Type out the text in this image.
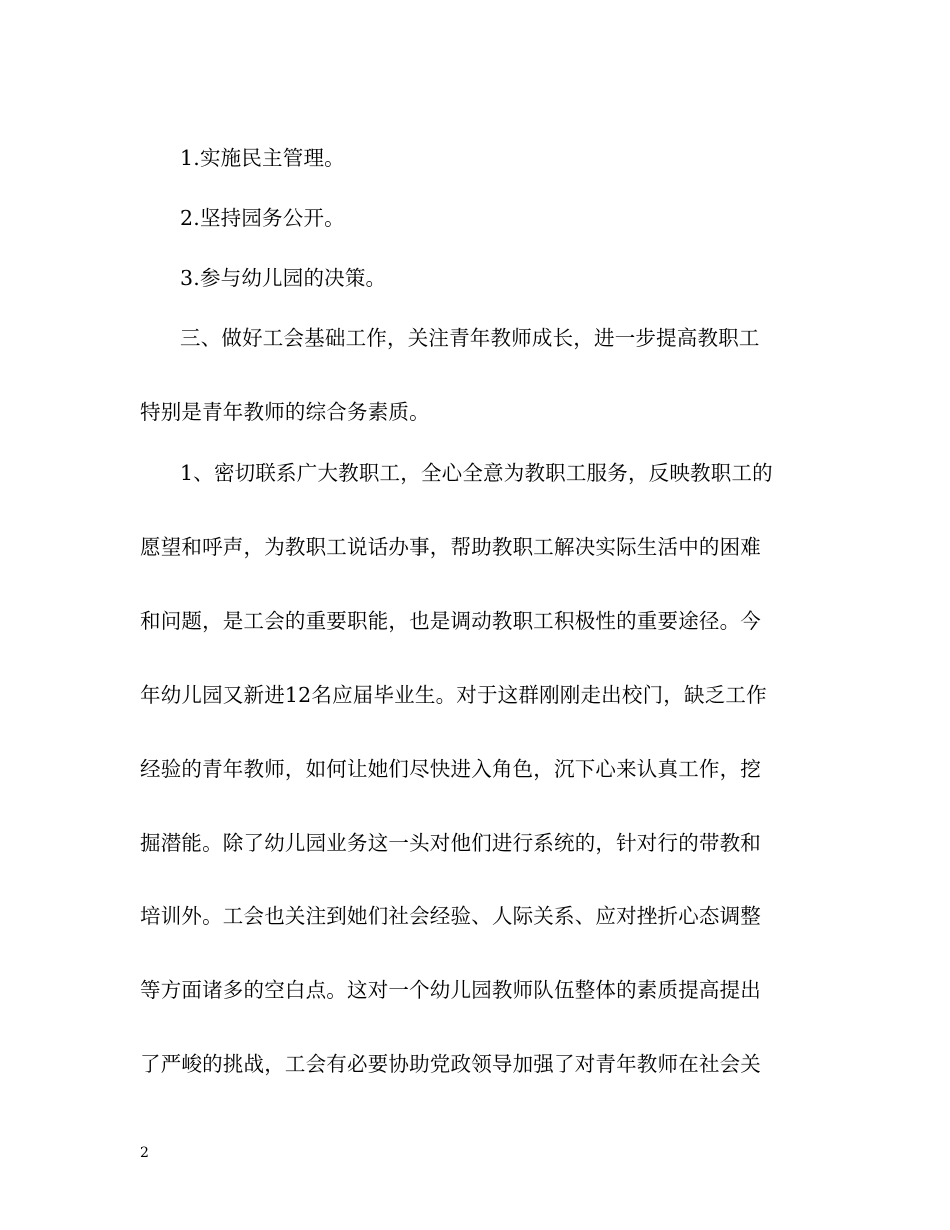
1.实施民主管理。
2.坚持园务公开。
3.参与幼儿园的决策。
三、做好工会基础工作，关注青年教师成长，进一步提高教职工
特别是青年教师的综合务素质。
1、密切联系广大教职工，全心全意为教职工服务，反映教职工的
愿望和呼声，为教职工说话办事，帮助教职工解决实际生活中的困难
和问题，是工会的重要职能，也是调动教职工积极性的重要途径。今
年幼儿园又新进12名应届毕业生。对于这群刚刚走出校门，缺乏工作
经验的青年教师，如何让她们尽快进入角色，沉下心来认真工作，挖
掘潜能。除了幼儿园业务这一头对他们进行系统的，针对行的带教和
培训外。工会也关注到她们社会经验、人际关系、应对挫折心态调整
等方面诸多的空白点。这对一个幼儿园教师队伍整体的素质提高提出
了严峻的挑战，工会有必要协助党政领导加强了对青年教师在社会关
2
